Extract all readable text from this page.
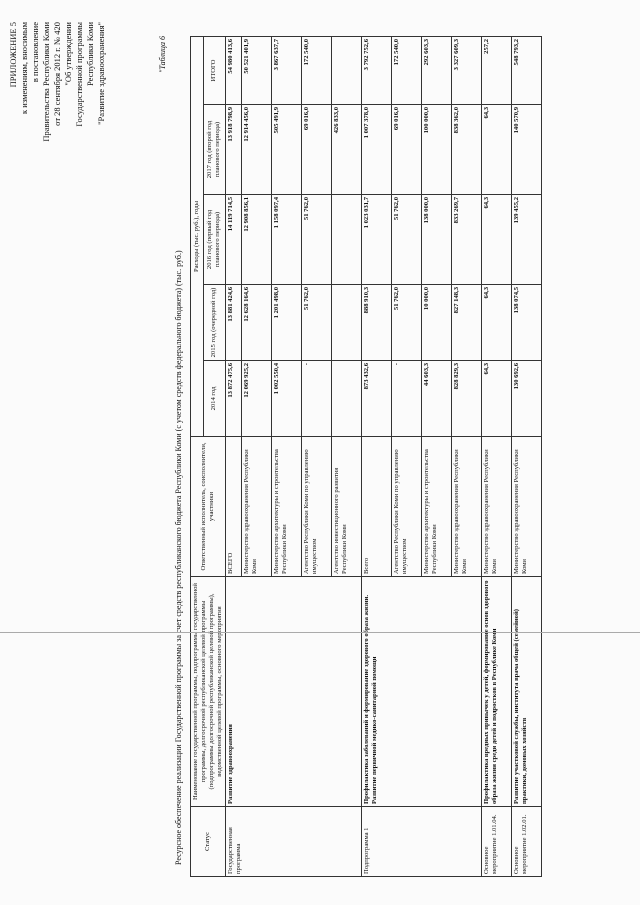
ПРИЛОЖЕНИЕ 5 к изменениям, вносимым в постановление Правительства Республики Коми от 28 сентября 2012 г. № 420 "Об утверждении Государственной программы Республики Коми "Развитие здравоохранения"	"Таблица 6
Ресурсное обеспечение реализации Государственной программы за счет средств республиканского бюджета Республики Коми (с учетом средств федерального бюджета) (тыс. руб.)	Статус	Наименование государственной программы, подпрограммы государственной программы, долгосрочной республиканской целевой программы (подпрограммы долгосрочной республиканской целевой программы), ведомственной целевой программы, основного мероприятия	Ответственный исполнитель, соисполнители, участники	Расходы (тыс. руб.), годы				
			2014 год	2015 год (очередной год)	2016 год (первый год планового периода)	2017 год (второй год планового периода)	ИТОГО
Государственная программа	Развитие здравоохранения	ВСЕГО	13 872 475,6	13 881 424,6	14 119 714,5	13 918 798,9	54 980 413,6
		Министерство здравоохранения Республики Коми	12 069 925,2	12 628 164,6	12 908 856,1	12 914 456,0	50 521 401,9
		Министерство архитектуры и строительства Республики Коми	1 002 550,4	1 201 498,0	1 158 097,4	505 491,9	3 867 637,7
		Агентство Республики Коми по управлению имуществом	-	51 762,0	51 762,0	69 016,0	172 540,0
		Агентство инвестиционного развития Республики Коми				426 833,0	
Подпрограмма 1	Профилактика заболеваний и формирование здорового образа жизни. Развитие первичной медико-санитарной помощи	Всего	873 432,6	888 910,3	1 023 031,7	1 007 378,0	3 792 752,6
		Агентство Республики Коми по управлению имуществом	-	51 762,0	51 762,0	69 016,0	172 540,0
		Министерство архитектуры и строительства Республики Коми	44 603,3	10 000,0	138 000,0	100 000,0	292 603,3
		Министерство здравоохранения Республики Коми	828 829,3	827 148,3	833 269,7	838 362,0	3 327 609,3
Основное мероприятие 1.01.04.	Профилактика вредных привычек у детей, формирование основ здорового образа жизни среди детей и подростков в Республике Коми	Министерство здравоохранения Республики Коми	64,3	64,3	64,3	64,3	257,2
Основное мероприятие 1.02.01.	Развитие участковой службы, института врача общей (семейной) практики, домовых хозяйств	Министерство здравоохранения Республики Коми	130 692,6	138 074,5	139 455,2	140 570,9	548 793,2
